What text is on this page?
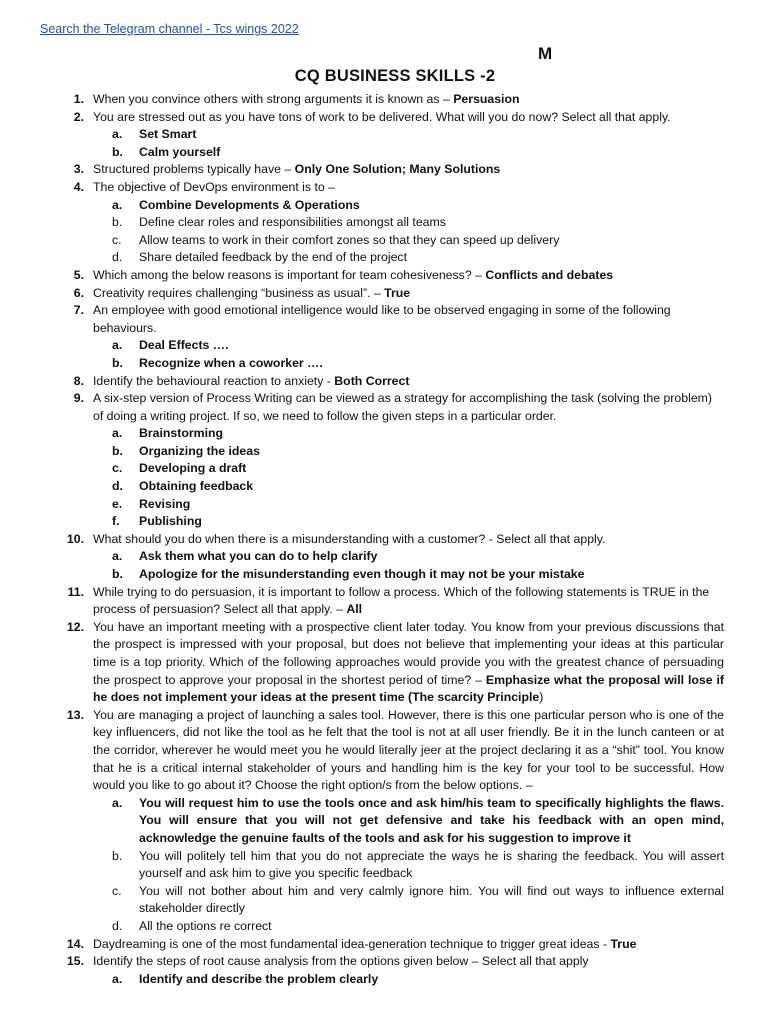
Search the Telegram channel - Tcs wings 2022
M
CQ BUSINESS SKILLS -2
1. When you convince others with strong arguments it is known as – Persuasion
2. You are stressed out as you have tons of work to be delivered. What will you do now? Select all that apply.
a.	Set Smart
b.	Calm yourself
3. Structured problems typically have – Only One Solution; Many Solutions
4. The objective of DevOps environment is to –
a.	Combine Developments & Operations
b.	Define clear roles and responsibilities amongst all teams
c.	Allow teams to work in their comfort zones so that they can speed up delivery
d.	Share detailed feedback by the end of the project
5. Which among the below reasons is important for team cohesiveness? – Conflicts and debates
6. Creativity requires challenging “business as usual”. – True
7. An employee with good emotional intelligence would like to be observed engaging in some of the following behaviours.
a.	Deal Effects ….
b.	Recognize when a coworker ….
8. Identify the behavioural reaction to anxiety - Both Correct
9. A six-step version of Process Writing can be viewed as a strategy for accomplishing the task (solving the problem) of doing a writing project. If so, we need to follow the given steps in a particular order.
a.	Brainstorming
b.	Organizing the ideas
c.	Developing a draft
d.	Obtaining feedback
e.	Revising
f.	Publishing
10. What should you do when there is a misunderstanding with a customer? - Select all that apply.
a.	Ask them what you can do to help clarify
b.	Apologize for the misunderstanding even though it may not be your mistake
11. While trying to do persuasion, it is important to follow a process. Which of the following statements is TRUE in the process of persuasion? Select all that apply. – All
12. You have an important meeting with a prospective client later today. You know from your previous discussions that the prospect is impressed with your proposal, but does not believe that implementing your ideas at this particular time is a top priority. Which of the following approaches would provide you with the greatest chance of persuading the prospect to approve your proposal in the shortest period of time? – Emphasize what the proposal will lose if he does not implement your ideas at the present time (The scarcity Principle)
13. You are managing a project of launching a sales tool. However, there is this one particular person who is one of the key influencers, did not like the tool as he felt that the tool is not at all user friendly. Be it in the lunch canteen or at the corridor, wherever he would meet you he would literally jeer at the project declaring it as a “shit” tool. You know that he is a critical internal stakeholder of yours and handling him is the key for your tool to be successful. How would you like to go about it? Choose the right option/s from the below options. –
a.	You will request him to use the tools once and ask him/his team to specifically highlights the flaws. You will ensure that you will not get defensive and take his feedback with an open mind, acknowledge the genuine faults of the tools and ask for his suggestion to improve it
b.	You will politely tell him that you do not appreciate the ways he is sharing the feedback. You will assert yourself and ask him to give you specific feedback
c.	You will not bother about him and very calmly ignore him. You will find out ways to influence external stakeholder directly
d.	All the options re correct
14. Daydreaming is one of the most fundamental idea-generation technique to trigger great ideas - True
15. Identify the steps of root cause analysis from the options given below – Select all that apply
a.	Identify and describe the problem clearly
